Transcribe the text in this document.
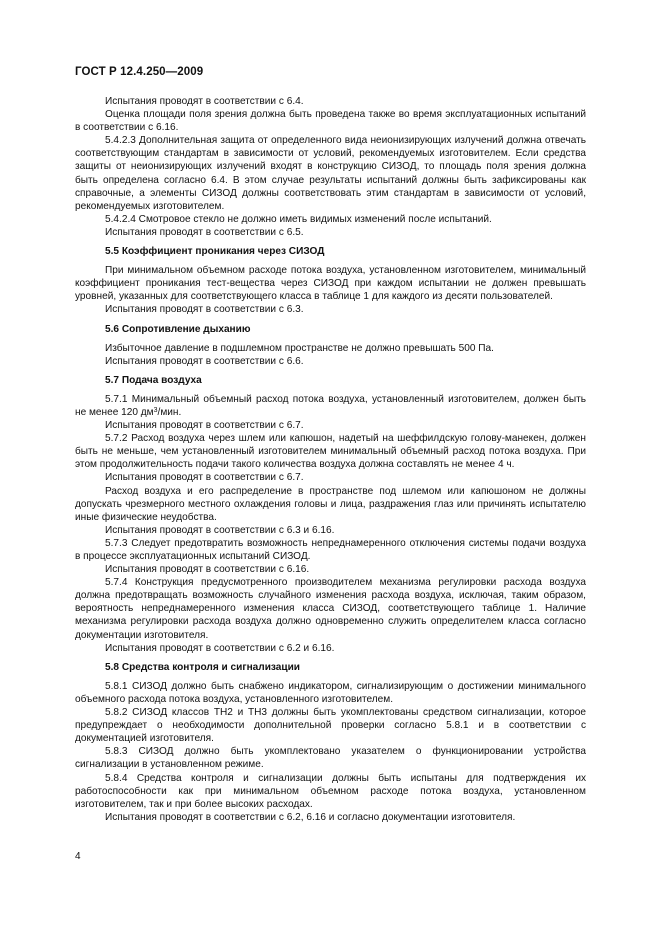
ГОСТ Р 12.4.250—2009

Испытания проводят в соответствии с 6.4.

Оценка площади поля зрения должна быть проведена также во время эксплуатационных испытаний в соответствии с 6.16.

5.4.2.3 Дополнительная защита от определенного вида неионизирующих излучений должна отвечать соответствующим стандартам в зависимости от условий, рекомендуемых изготовителем. Если средства защиты от неионизирующих излучений входят в конструкцию СИЗОД, то площадь поля зрения должна быть определена согласно 6.4. В этом случае результаты испытаний должны быть зафиксированы как справочные, а элементы СИЗОД должны соответствовать этим стандартам в зависимости от условий, рекомендуемых изготовителем.

5.4.2.4 Смотровое стекло не должно иметь видимых изменений после испытаний.

Испытания проводят в соответствии с 6.5.

5.5 Коэффициент проникания через СИЗОД

При минимальном объемном расходе потока воздуха, установленном изготовителем, минимальный коэффициент проникания тест-вещества через СИЗОД при каждом испытании не должен превышать уровней, указанных для соответствующего класса в таблице 1 для каждого из десяти пользователей.

Испытания проводят в соответствии с 6.3.

5.6 Сопротивление дыханию

Избыточное давление в подшлемном пространстве не должно превышать 500 Па.

Испытания проводят в соответствии с 6.6.

5.7 Подача воздуха

5.7.1 Минимальный объемный расход потока воздуха, установленный изготовителем, должен быть не менее 120 $дм^3$/мин.

Испытания проводят в соответствии с 6.7.

5.7.2 Расход воздуха через шлем или капюшон, надетый на шеффилдскую голову-манекен, должен быть не меньше, чем установленный изготовителем минимальный объемный расход потока воздуха. При этом продолжительность подачи такого количества воздуха должна составлять не менее 4 ч.

Испытания проводят в соответствии с 6.7.

Расход воздуха и его распределение в пространстве под шлемом или капюшоном не должны допускать чрезмерного местного охлаждения головы и лица, раздражения глаз или причинять испытателю иные физические неудобства.

Испытания проводят в соответствии с 6.3 и 6.16.

5.7.3 Следует предотвратить возможность непреднамеренного отключения системы подачи воздуха в процессе эксплуатационных испытаний СИЗОД.

Испытания проводят в соответствии с 6.16.

5.7.4 Конструкция предусмотренного производителем механизма регулировки расхода воздуха должна предотвращать возможность случайного изменения расхода воздуха, исключая, таким образом, вероятность непреднамеренного изменения класса СИЗОД, соответствующего таблице 1. Наличие механизма регулировки расхода воздуха должно одновременно служить определителем класса согласно документации изготовителя.

Испытания проводят в соответствии с 6.2 и 6.16.

5.8 Средства контроля и сигнализации

5.8.1 СИЗОД должно быть снабжено индикатором, сигнализирующим о достижении минимального объемного расхода потока воздуха, установленного изготовителем.

5.8.2 СИЗОД классов ТН2 и ТН3 должны быть укомплектованы средством сигнализации, которое предупреждает о необходимости дополнительной проверки согласно 5.8.1 и в соответствии с документацией изготовителя.

5.8.3 СИЗОД должно быть укомплектовано указателем о функционировании устройства сигнализации в установленном режиме.

5.8.4 Средства контроля и сигнализации должны быть испытаны для подтверждения их работоспособности как при минимальном объемном расходе потока воздуха, установленном изготовителем, так и при более высоких расходах.

Испытания проводят в соответствии с 6.2, 6.16 и согласно документации изготовителя.

4
